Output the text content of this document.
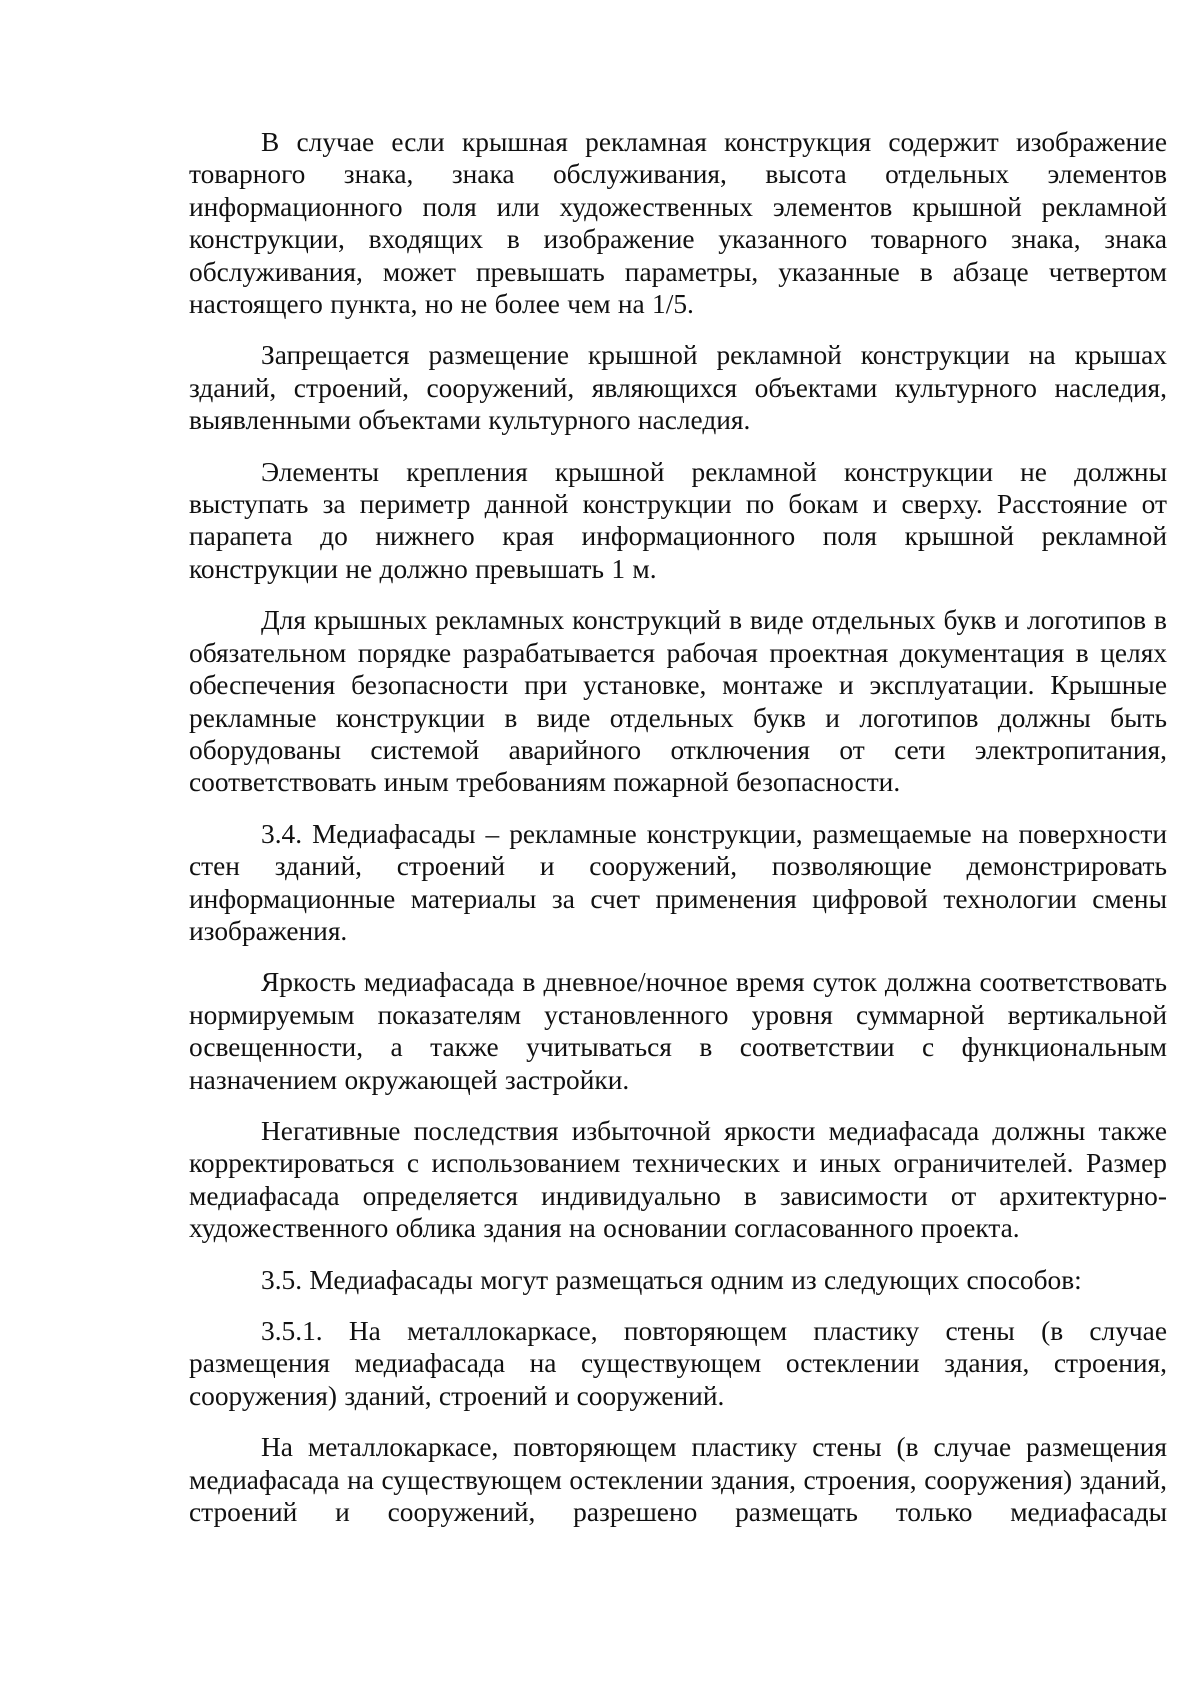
В случае если крышная рекламная конструкция содержит изображение товарного знака, знака обслуживания, высота отдельных элементов информационного поля или художественных элементов крышной рекламной конструкции, входящих в изображение указанного товарного знака, знака обслуживания, может превышать параметры, указанные в абзаце четвертом настоящего пункта, но не более чем на 1/5.

Запрещается размещение крышной рекламной конструкции на крышах зданий, строений, сооружений, являющихся объектами культурного наследия, выявленными объектами культурного наследия.

Элементы крепления крышной рекламной конструкции не должны выступать за периметр данной конструкции по бокам и сверху. Расстояние от парапета до нижнего края информационного поля крышной рекламной конструкции не должно превышать 1 м.

Для крышных рекламных конструкций в виде отдельных букв и логотипов в обязательном порядке разрабатывается рабочая проектная документация в целях обеспечения безопасности при установке, монтаже и эксплуатации. Крышные рекламные конструкции в виде отдельных букв и логотипов должны быть оборудованы системой аварийного отключения от сети электропитания, соответствовать иным требованиям пожарной безопасности.

3.4. Медиафасады – рекламные конструкции, размещаемые на поверхности стен зданий, строений и сооружений, позволяющие демонстрировать информационные материалы за счет применения цифровой технологии смены изображения.

Яркость медиафасада в дневное/ночное время суток должна соответствовать нормируемым показателям установленного уровня суммарной вертикальной освещенности, а также учитываться в соответствии с функциональным назначением окружающей застройки.

Негативные последствия избыточной яркости медиафасада должны также корректироваться с использованием технических и иных ограничителей. Размер медиафасада определяется индивидуально в зависимости от архитектурно-художественного облика здания на основании согласованного проекта.

3.5. Медиафасады могут размещаться одним из следующих способов:

3.5.1. На металлокаркасе, повторяющем пластику стены (в случае размещения медиафасада на существующем остеклении здания, строения, сооружения) зданий, строений и сооружений.

На металлокаркасе, повторяющем пластику стены (в случае размещения медиафасада на существующем остеклении здания, строения, сооружения) зданий, строений и сооружений, разрешено размещать только медиафасады
